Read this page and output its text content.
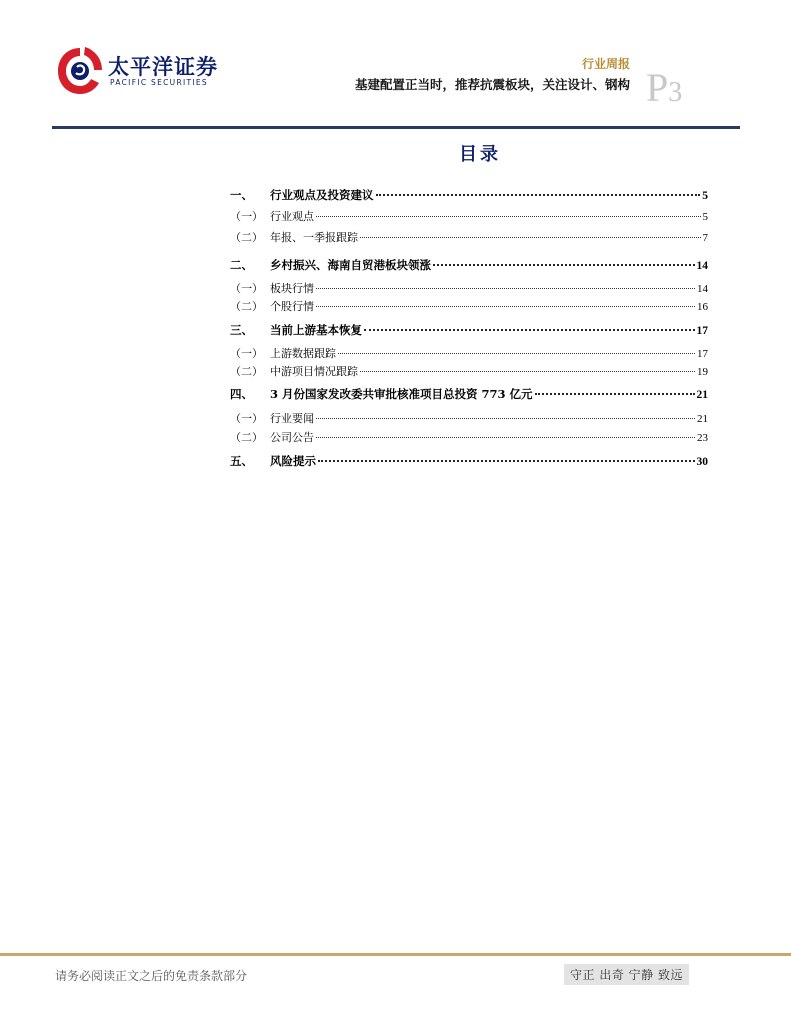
太平洋证券
PACIFIC SECURITIES
行业周报
基建配置正当时，推荐抗震板块，关注设计、钢构 P3
目录
一、	行业观点及投资建议	5
（一） 行业观点	5
（二） 年报、一季报跟踪	7
二、	乡村振兴、海南自贸港板块领涨	14
（一） 板块行情	14
（二） 个股行情	16
三、	当前上游基本恢复	17
（一） 上游数据跟踪	17
（二） 中游项目情况跟踪	19
四、	3 月份国家发改委共审批核准项目总投资 773 亿元	21
（一） 行业要闻	21
（二） 公司公告	23
五、	风险提示	30
请务必阅读正文之后的免责条款部分	守正 出奇 宁静 致远
